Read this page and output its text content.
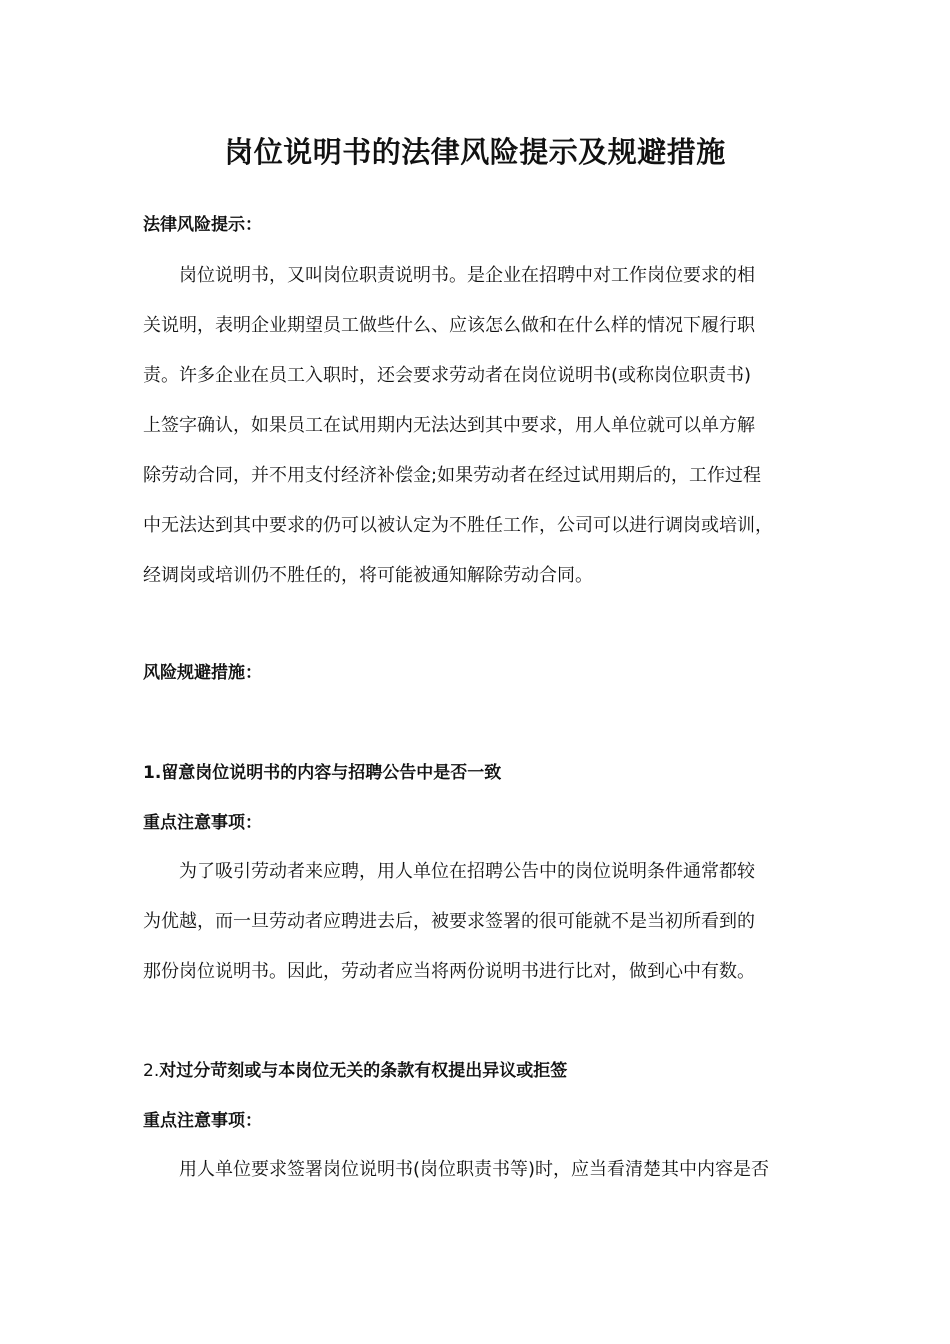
岗位说明书的法律风险提示及规避措施
法律风险提示：
　　岗位说明书，又叫岗位职责说明书。是企业在招聘中对工作岗位要求的相
关说明，表明企业期望员工做些什么、应该怎么做和在什么样的情况下履行职
责。许多企业在员工入职时，还会要求劳动者在岗位说明书(或称岗位职责书)
上签字确认，如果员工在试用期内无法达到其中要求，用人单位就可以单方解
除劳动合同，并不用支付经济补偿金;如果劳动者在经过试用期后的，工作过程
中无法达到其中要求的仍可以被认定为不胜任工作，公司可以进行调岗或培训，
经调岗或培训仍不胜任的，将可能被通知解除劳动合同。
风险规避措施：
1.留意岗位说明书的内容与招聘公告中是否一致
重点注意事项：
　　为了吸引劳动者来应聘，用人单位在招聘公告中的岗位说明条件通常都较
为优越，而一旦劳动者应聘进去后，被要求签署的很可能就不是当初所看到的
那份岗位说明书。因此，劳动者应当将两份说明书进行比对，做到心中有数。
2.对过分苛刻或与本岗位无关的条款有权提出异议或拒签
重点注意事项：
　　用人单位要求签署岗位说明书(岗位职责书等)时，应当看清楚其中内容是否
